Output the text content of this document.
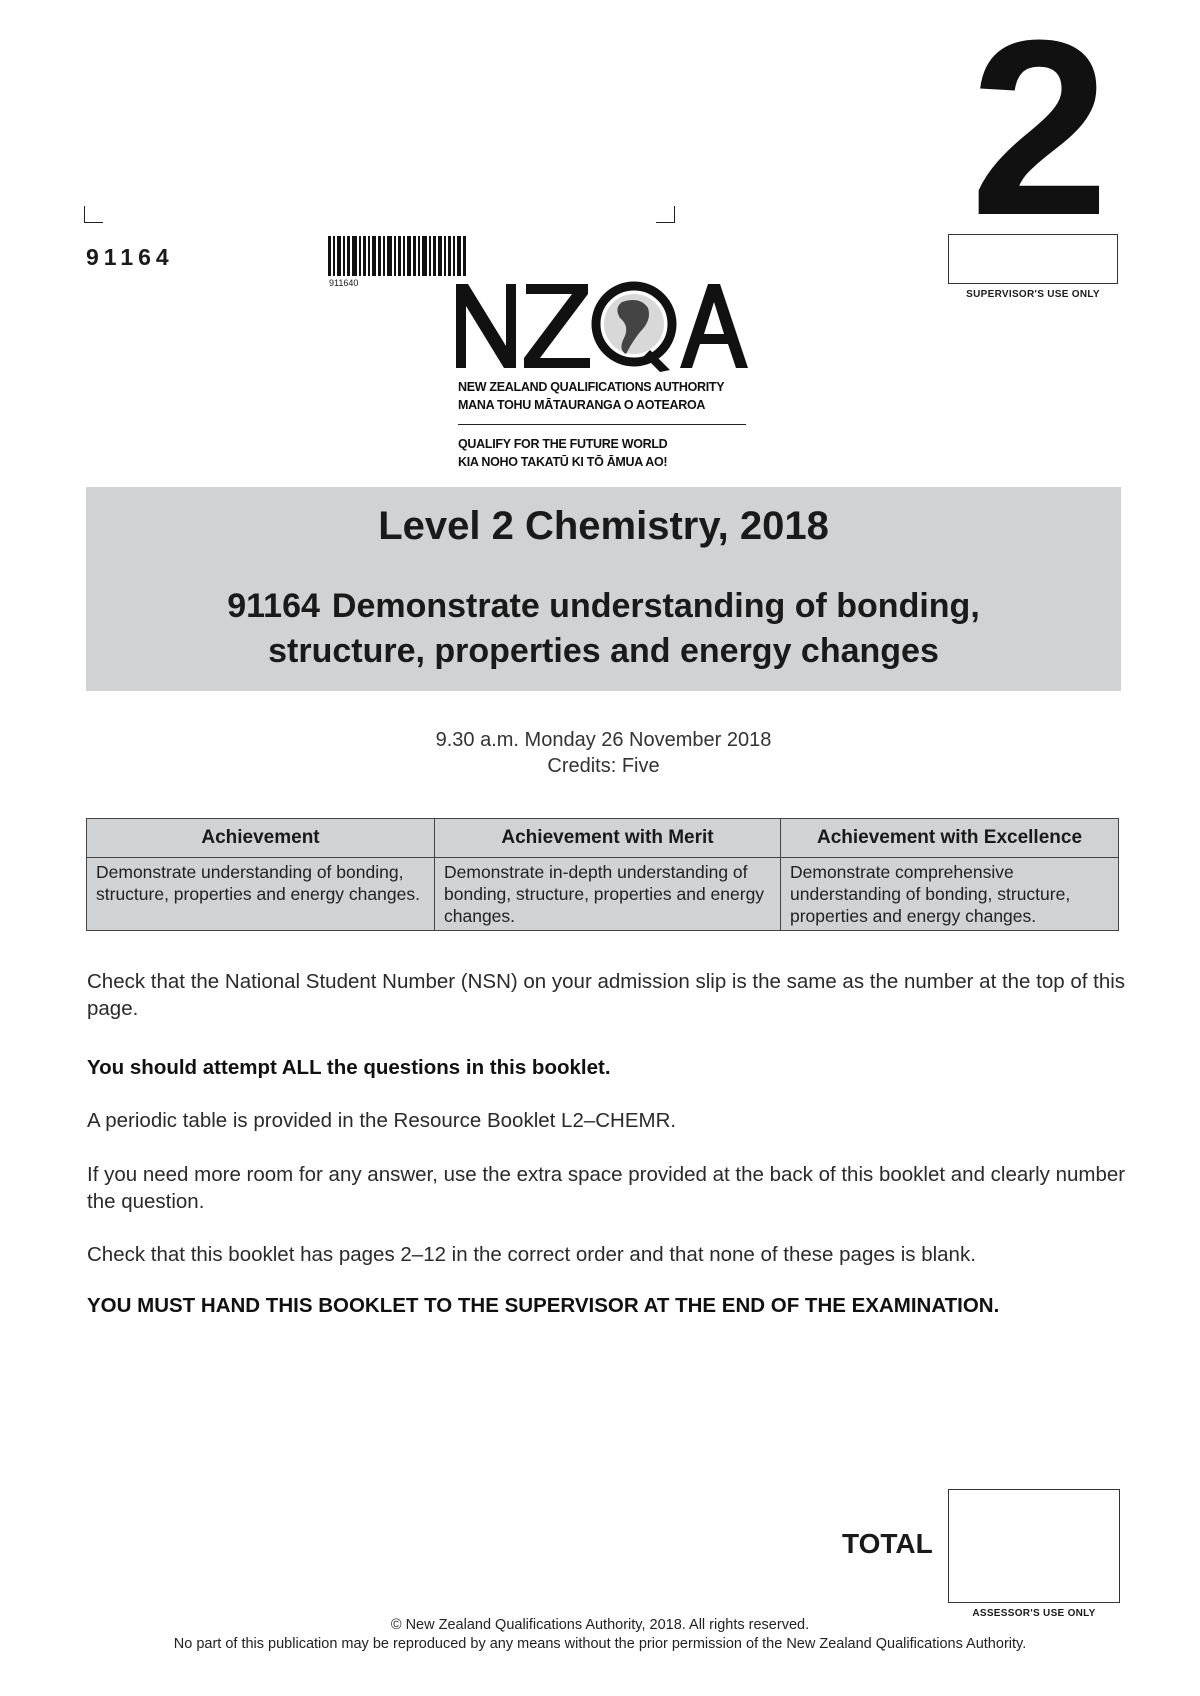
2
SUPERVISOR'S USE ONLY
91164
911640
NEW ZEALAND QUALIFICATIONS AUTHORITY
MANA TOHU MĀTAURANGA O AOTEAROA
QUALIFY FOR THE FUTURE WORLD
KIA NOHO TAKATŪ KI TŌ ĀMUA AO!
Level 2 Chemistry, 2018
91164 Demonstrate understanding of bonding,
structure, properties and energy changes
9.30 a.m. Monday 26 November 2018
Credits: Five
Achievement	Achievement with Merit	Achievement with Excellence
Demonstrate understanding of bonding, structure, properties and energy changes.	Demonstrate in-depth understanding of bonding, structure, properties and energy changes.	Demonstrate comprehensive understanding of bonding, structure, properties and energy changes.
Check that the National Student Number (NSN) on your admission slip is the same as the number at the top of this page.
You should attempt ALL the questions in this booklet.
A periodic table is provided in the Resource Booklet L2–CHEMR.
If you need more room for any answer, use the extra space provided at the back of this booklet and clearly number the question.
Check that this booklet has pages 2–12 in the correct order and that none of these pages is blank.
YOU MUST HAND THIS BOOKLET TO THE SUPERVISOR AT THE END OF THE EXAMINATION.
TOTAL
ASSESSOR'S USE ONLY
© New Zealand Qualifications Authority, 2018. All rights reserved.
No part of this publication may be reproduced by any means without the prior permission of the New Zealand Qualifications Authority.
